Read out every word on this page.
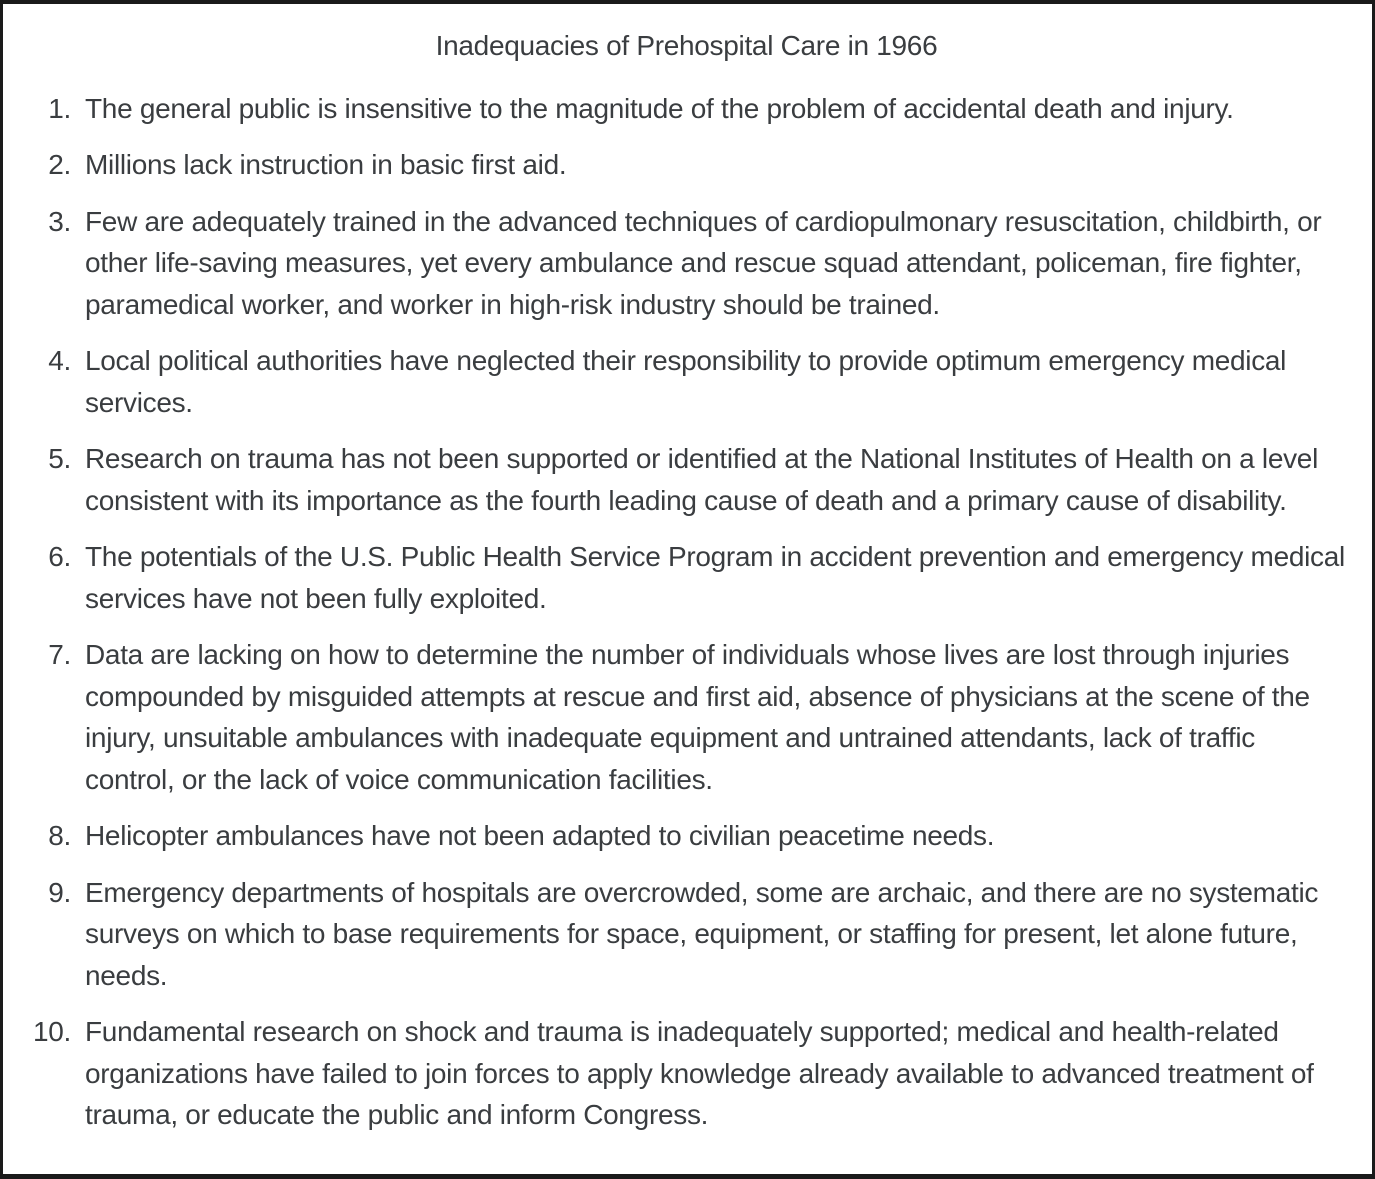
Inadequacies of Prehospital Care in 1966
1. The general public is insensitive to the magnitude of the problem of accidental death and injury.
2. Millions lack instruction in basic first aid.
3. Few are adequately trained in the advanced techniques of cardiopulmonary resuscitation, childbirth, or other life-saving measures, yet every ambulance and rescue squad attendant, policeman, fire fighter, paramedical worker, and worker in high-risk industry should be trained.
4. Local political authorities have neglected their responsibility to provide optimum emergency medical services.
5. Research on trauma has not been supported or identified at the National Institutes of Health on a level consistent with its importance as the fourth leading cause of death and a primary cause of disability.
6. The potentials of the U.S. Public Health Service Program in accident prevention and emergency medical services have not been fully exploited.
7. Data are lacking on how to determine the number of individuals whose lives are lost through injuries compounded by misguided attempts at rescue and first aid, absence of physicians at the scene of the injury, unsuitable ambulances with inadequate equipment and untrained attendants, lack of traffic control, or the lack of voice communication facilities.
8. Helicopter ambulances have not been adapted to civilian peacetime needs.
9. Emergency departments of hospitals are overcrowded, some are archaic, and there are no systematic surveys on which to base requirements for space, equipment, or staffing for present, let alone future, needs.
10. Fundamental research on shock and trauma is inadequately supported; medical and health-related organizations have failed to join forces to apply knowledge already available to advanced treatment of trauma, or educate the public and inform Congress.
